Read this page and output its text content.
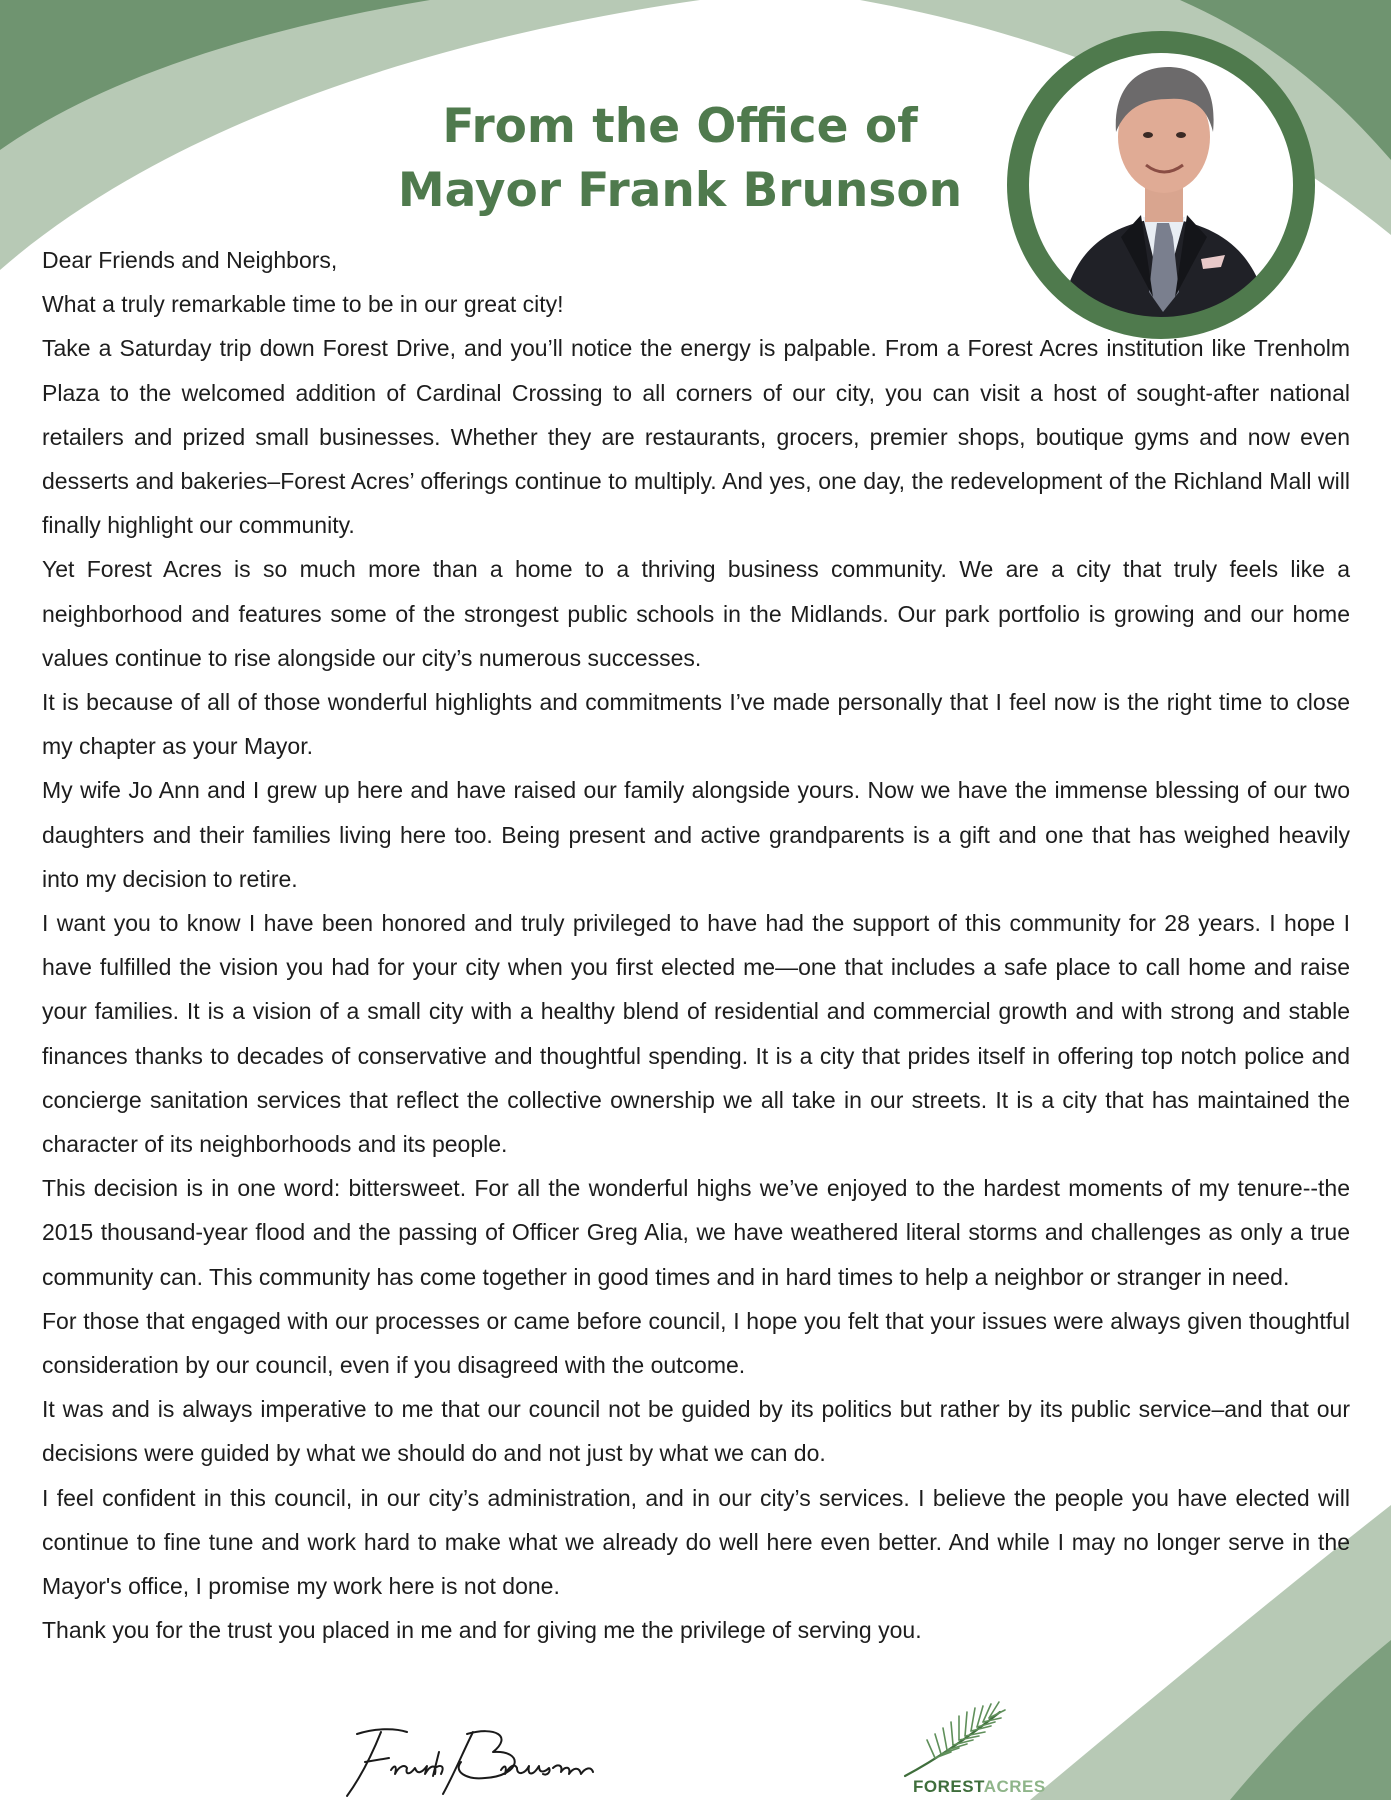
From the Office of
Mayor Frank Brunson

Dear Friends and Neighbors,

What a truly remarkable time to be in our great city!

Take a Saturday trip down Forest Drive, and you’ll notice the energy is palpable. From a Forest Acres institution like Trenholm Plaza to the welcomed addition of Cardinal Crossing to all corners of our city, you can visit a host of sought-after national retailers and prized small businesses. Whether they are restaurants, grocers, premier shops, boutique gyms and now even desserts and bakeries–Forest Acres’ offerings continue to multiply. And yes, one day, the redevelopment of the Richland Mall will finally highlight our community.

Yet Forest Acres is so much more than a home to a thriving business community. We are a city that truly feels like a neighborhood and features some of the strongest public schools in the Midlands. Our park portfolio is growing and our home values continue to rise alongside our city’s numerous successes.

It is because of all of those wonderful highlights and commitments I’ve made personally that I feel now is the right time to close my chapter as your Mayor.

My wife Jo Ann and I grew up here and have raised our family alongside yours. Now we have the immense blessing of our two daughters and their families living here too. Being present and active grandparents is a gift and one that has weighed heavily into my decision to retire.

I want you to know I have been honored and truly privileged to have had the support of this community for 28 years. I hope I have fulfilled the vision you had for your city when you first elected me—one that includes a safe place to call home and raise your families. It is a vision of a small city with a healthy blend of residential and commercial growth and with strong and stable finances thanks to decades of conservative and thoughtful spending. It is a city that prides itself in offering top notch police and concierge sanitation services that reflect the collective ownership we all take in our streets. It is a city that has maintained the character of its neighborhoods and its people.

This decision is in one word: bittersweet. For all the wonderful highs we’ve enjoyed to the hardest moments of my tenure--the 2015 thousand-year flood and the passing of Officer Greg Alia, we have weathered literal storms and challenges as only a true community can. This community has come together in good times and in hard times to help a neighbor or stranger in need.

For those that engaged with our processes or came before council, I hope you felt that your issues were always given thoughtful consideration by our council, even if you disagreed with the outcome.

It was and is always imperative to me that our council not be guided by its politics but rather by its public service–and that our decisions were guided by what we should do and not just by what we can do.

I feel confident in this council, in our city’s administration, and in our city’s services. I believe the people you have elected will continue to fine tune and work hard to make what we already do well here even better. And while I may no longer serve in the Mayor's office, I promise my work here is not done.

Thank you for the trust you placed in me and for giving me the privilege of serving you.

FORESTACRES
